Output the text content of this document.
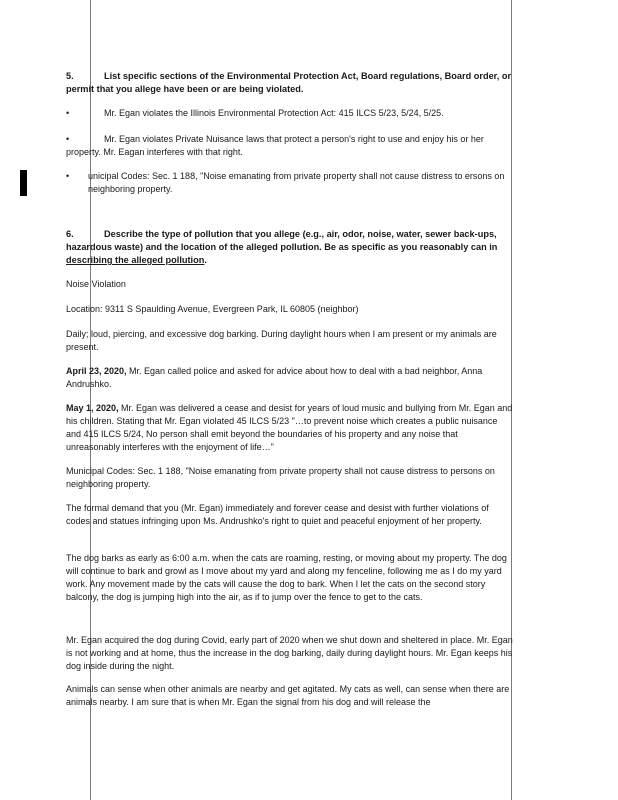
5.	List specific sections of the Environmental Protection Act, Board regulations, Board order, or permit that you allege have been or are being violated.

•	Mr. Egan violates the Illinois Environmental Protection Act: 415 ILCS 5/23, 5/24, 5/25.
•	Mr. Egan violates Private Nuisance laws that protect a person's right to use and enjoy his or her property. Mr. Eagan interferes with that right.
•	unicipal Codes: Sec. 1 188, "Noise emanating from private property shall not cause distress to ersons on neighboring property.

6.	Describe the type of pollution that you allege (e.g., air, odor, noise, water, sewer back-ups, hazardous waste) and the location of the alleged pollution. Be as specific as you reasonably can in describing the alleged pollution.

Noise Violation

Location: 9311 S Spaulding Avenue, Evergreen Park, IL 60805 (neighbor)

Daily; loud, piercing, and excessive dog barking. During daylight hours when I am present or my animals are present.

April 23, 2020, Mr. Egan called police and asked for advice about how to deal with a bad neighbor, Anna Andrushko.

May 1, 2020, Mr. Egan was delivered a cease and desist for years of loud music and bullying from Mr. Egan and his children. Stating that Mr. Egan violated 45 ILCS 5/23 "…to prevent noise which creates a public nuisance and 415 ILCS 5/24, No person shall emit beyond the boundaries of his property and any noise that unreasonably interferes with the enjoyment of life…"

Municipal Codes: Sec. 1 188, "Noise emanating from private property shall not cause distress to persons on neighboring property.

The formal demand that you (Mr. Egan) immediately and forever cease and desist with further violations of codes and statues infringing upon Ms. Andrushko's right to quiet and peaceful enjoyment of her property.

The dog barks as early as 6:00 a.m. when the cats are roaming, resting, or moving about my property. The dog will continue to bark and growl as I move about my yard and along my fenceline, following me as I do my yard work. Any movement made by the cats will cause the dog to bark. When I let the cats on the second story balcony, the dog is jumping high into the air, as if to jump over the fence to get to the cats.

Mr. Egan acquired the dog during Covid, early part of 2020 when we shut down and sheltered in place. Mr. Egan is not working and at home, thus the increase in the dog barking, daily during daylight hours. Mr. Egan keeps his dog inside during the night.

Animals can sense when other animals are nearby and get agitated. My cats as well, can sense when there are animals nearby. I am sure that is when Mr. Egan the signal from his dog and will release the
